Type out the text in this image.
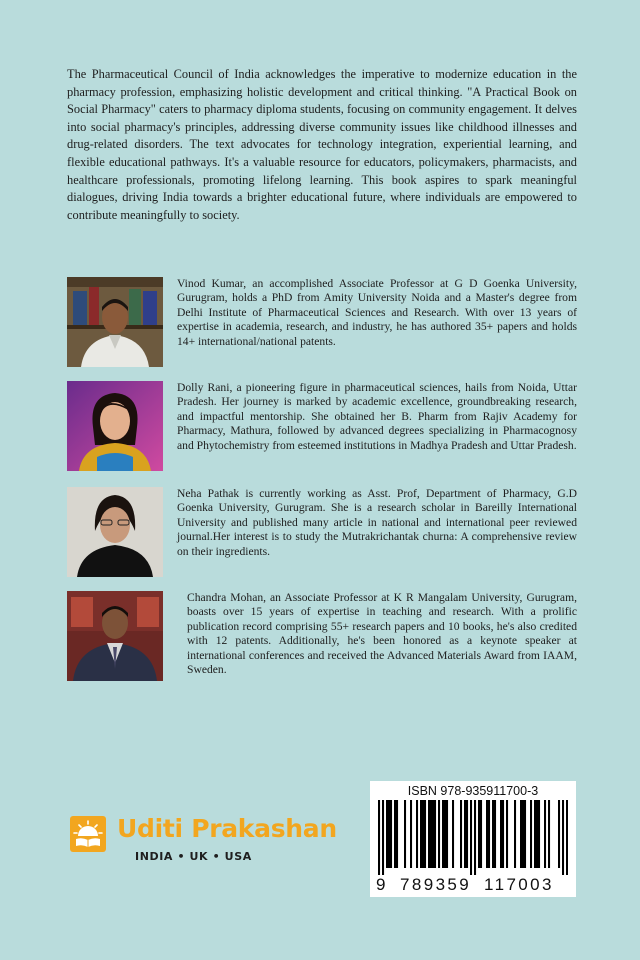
The Pharmaceutical Council of India acknowledges the imperative to modernize education in the pharmacy profession, emphasizing holistic development and critical thinking. "A Practical Book on Social Pharmacy" caters to pharmacy diploma students, focusing on community engagement. It delves into social pharmacy's principles, addressing diverse community issues like childhood illnesses and drug-related disorders. The text advocates for technology integration, experiential learning, and flexible educational pathways. It's a valuable resource for educators, policymakers, pharmacists, and healthcare professionals, promoting lifelong learning. This book aspires to spark meaningful dialogues, driving India towards a brighter educational future, where individuals are empowered to contribute meaningfully to society.

Vinod Kumar, an accomplished Associate Professor at G D Goenka University, Gurugram, holds a PhD from Amity University Noida and a Master's degree from Delhi Institute of Pharmaceutical Sciences and Research. With over 13 years of expertise in academia, research, and industry, he has authored 35+ papers and holds 14+ international/national patents.

Dolly Rani, a pioneering figure in pharmaceutical sciences, hails from Noida, Uttar Pradesh. Her journey is marked by academic excellence, groundbreaking research, and impactful mentorship. She obtained her B. Pharm from Rajiv Academy for Pharmacy, Mathura, followed by advanced degrees specializing in Pharmacognosy and Phytochemistry from esteemed institutions in Madhya Pradesh and Uttar Pradesh.

Neha Pathak is currently working as Asst. Prof, Department of Pharmacy, G.D Goenka University, Gurugram. She is a research scholar in Bareilly International University and published many article in national and international peer reviewed journal.Her interest is to study the Mutrakrichantak churna: A comprehensive review on their ingredients.

Chandra Mohan, an Associate Professor at K R Mangalam University, Gurugram, boasts over 15 years of expertise in teaching and research. With a prolific publication record comprising 55+ research papers and 10 books, he's also credited with 12 patents. Additionally, he's been honored as a keynote speaker at international conferences and received the Advanced Materials Award from IAAM, Sweden.

Uditi Prakashan
INDIA • UK • USA
ISBN 978-935911700-3
9 789359 117003
